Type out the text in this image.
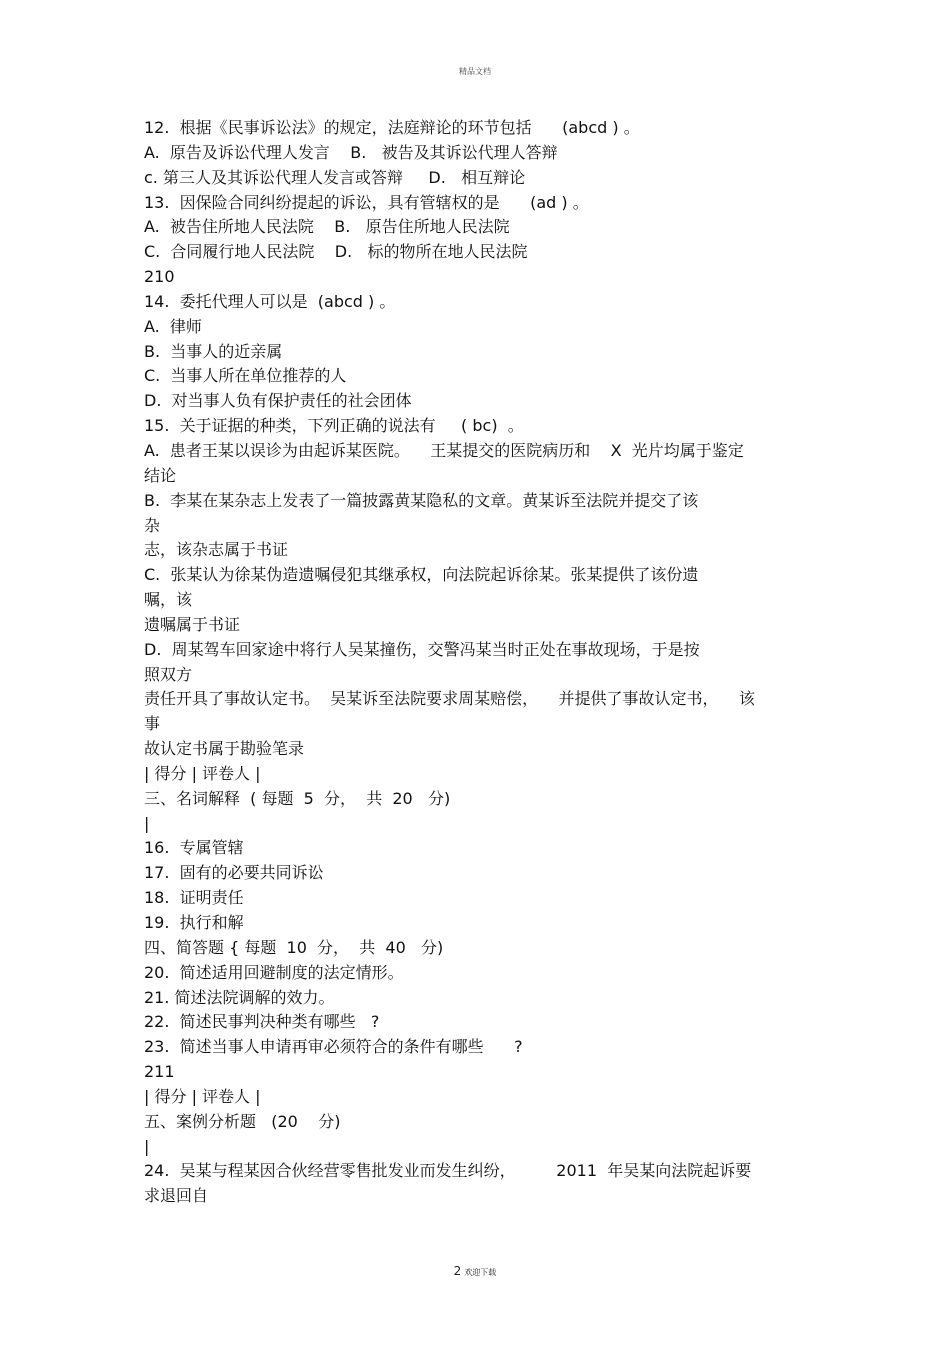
精品文档
12.  根据《民事诉讼法》的规定，法庭辩论的环节包括      (abcd ) 。
A.  原告及诉讼代理人发言    B.   被告及其诉讼代理人答辩
c. 第三人及其诉讼代理人发言或答辩     D.   相互辩论
13.  因保险合同纠纷提起的诉讼，具有管辖权的是      (ad ) 。
A.  被告住所地人民法院    B.   原告住所地人民法院
C.  合同履行地人民法院    D.   标的物所在地人民法院
210
14.  委托代理人可以是  (abcd ) 。
A.  律师
B.  当事人的近亲属
C.  当事人所在单位推荐的人
D.  对当事人负有保护责任的社会团体
15.  关于证据的种类，下列正确的说法有     ( bc)  。
A.  患者王某以误诊为由起诉某医院。    王某提交的医院病历和    X  光片均属于鉴定
结论
B.  李某在某杂志上发表了一篇披露黄某隐私的文章。黄某诉至法院并提交了该
杂
志，该杂志属于书证
C.  张某认为徐某伪造遗嘱侵犯其继承权，向法院起诉徐某。张某提供了该份遗
嘱，该
遗嘱属于书证
D.  周某驾车回家途中将行人吴某撞伤，交警冯某当时正处在事故现场，于是按
照双方
责任开具了事故认定书。  吴某诉至法院要求周某赔偿，    并提供了事故认定书，    该
事
故认定书属于勘验笔录
| 得分 | 评卷人 |
三、名词解释  ( 每题  5  分，  共  20   分)
|
16.  专属管辖
17.  固有的必要共同诉讼
18.  证明责任
19.  执行和解
四、简答题 { 每题  10  分，  共  40   分)
20.  简述适用回避制度的法定情形。
21. 简述法院调解的效力。
22.  简述民事判决种类有哪些   ?
23.  简述当事人申请再审必须符合的条件有哪些      ?
211
| 得分 | 评卷人 |
五、案例分析题   (20    分)
|
24.  吴某与程某因合伙经营零售批发业而发生纠纷，        2011  年吴某向法院起诉要
求退回自
2 欢迎下载
